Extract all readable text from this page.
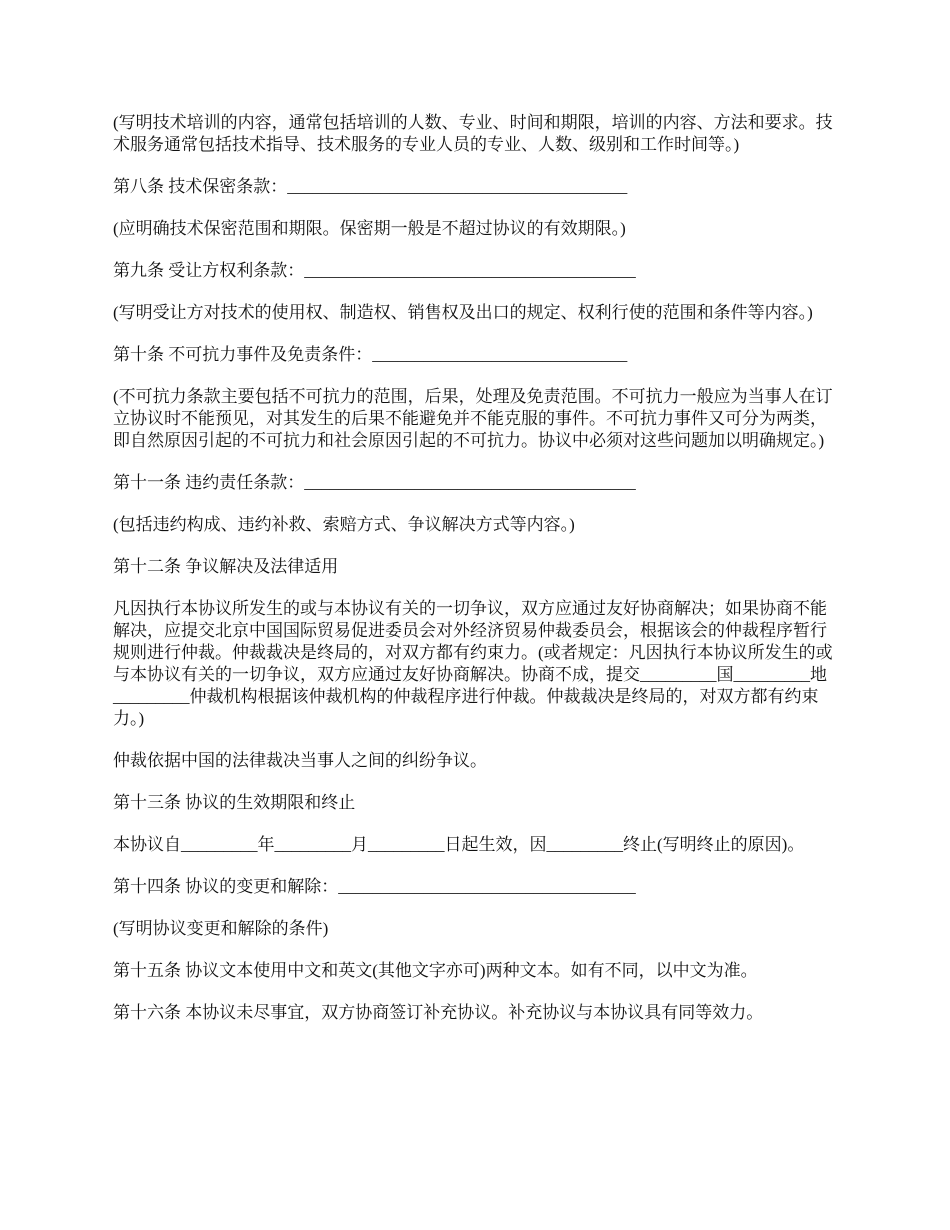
(写明技术培训的内容，通常包括培训的人数、专业、时间和期限，培训的内容、方法和要求。技术服务通常包括技术指导、技术服务的专业人员的专业、人数、级别和工作时间等。)

第八条 技术保密条款：________________________________________

(应明确技术保密范围和期限。保密期一般是不超过协议的有效期限。)

第九条 受让方权利条款：_______________________________________

(写明受让方对技术的使用权、制造权、销售权及出口的规定、权利行使的范围和条件等内容。)

第十条 不可抗力事件及免责条件：______________________________

(不可抗力条款主要包括不可抗力的范围，后果，处理及免责范围。不可抗力一般应为当事人在订立协议时不能预见，对其发生的后果不能避免并不能克服的事件。不可抗力事件又可分为两类，即自然原因引起的不可抗力和社会原因引起的不可抗力。协议中必须对这些问题加以明确规定。)

第十一条 违约责任条款：_______________________________________

(包括违约构成、违约补救、索赔方式、争议解决方式等内容。)

第十二条 争议解决及法律适用

凡因执行本协议所发生的或与本协议有关的一切争议，双方应通过友好协商解决；如果协商不能解决，应提交北京中国国际贸易促进委员会对外经济贸易仲裁委员会，根据该会的仲裁程序暂行规则进行仲裁。仲裁裁决是终局的，对双方都有约束力。(或者规定：凡因执行本协议所发生的或与本协议有关的一切争议，双方应通过友好协商解决。协商不成，提交_________国_________地_________仲裁机构根据该仲裁机构的仲裁程序进行仲裁。仲裁裁决是终局的，对双方都有约束力。)

仲裁依据中国的法律裁决当事人之间的纠纷争议。

第十三条 协议的生效期限和终止

本协议自_________年_________月_________日起生效，因_________终止(写明终止的原因)。

第十四条 协议的变更和解除：___________________________________

(写明协议变更和解除的条件)

第十五条 协议文本使用中文和英文(其他文字亦可)两种文本。如有不同，以中文为准。

第十六条 本协议未尽事宜，双方协商签订补充协议。补充协议与本协议具有同等效力。
